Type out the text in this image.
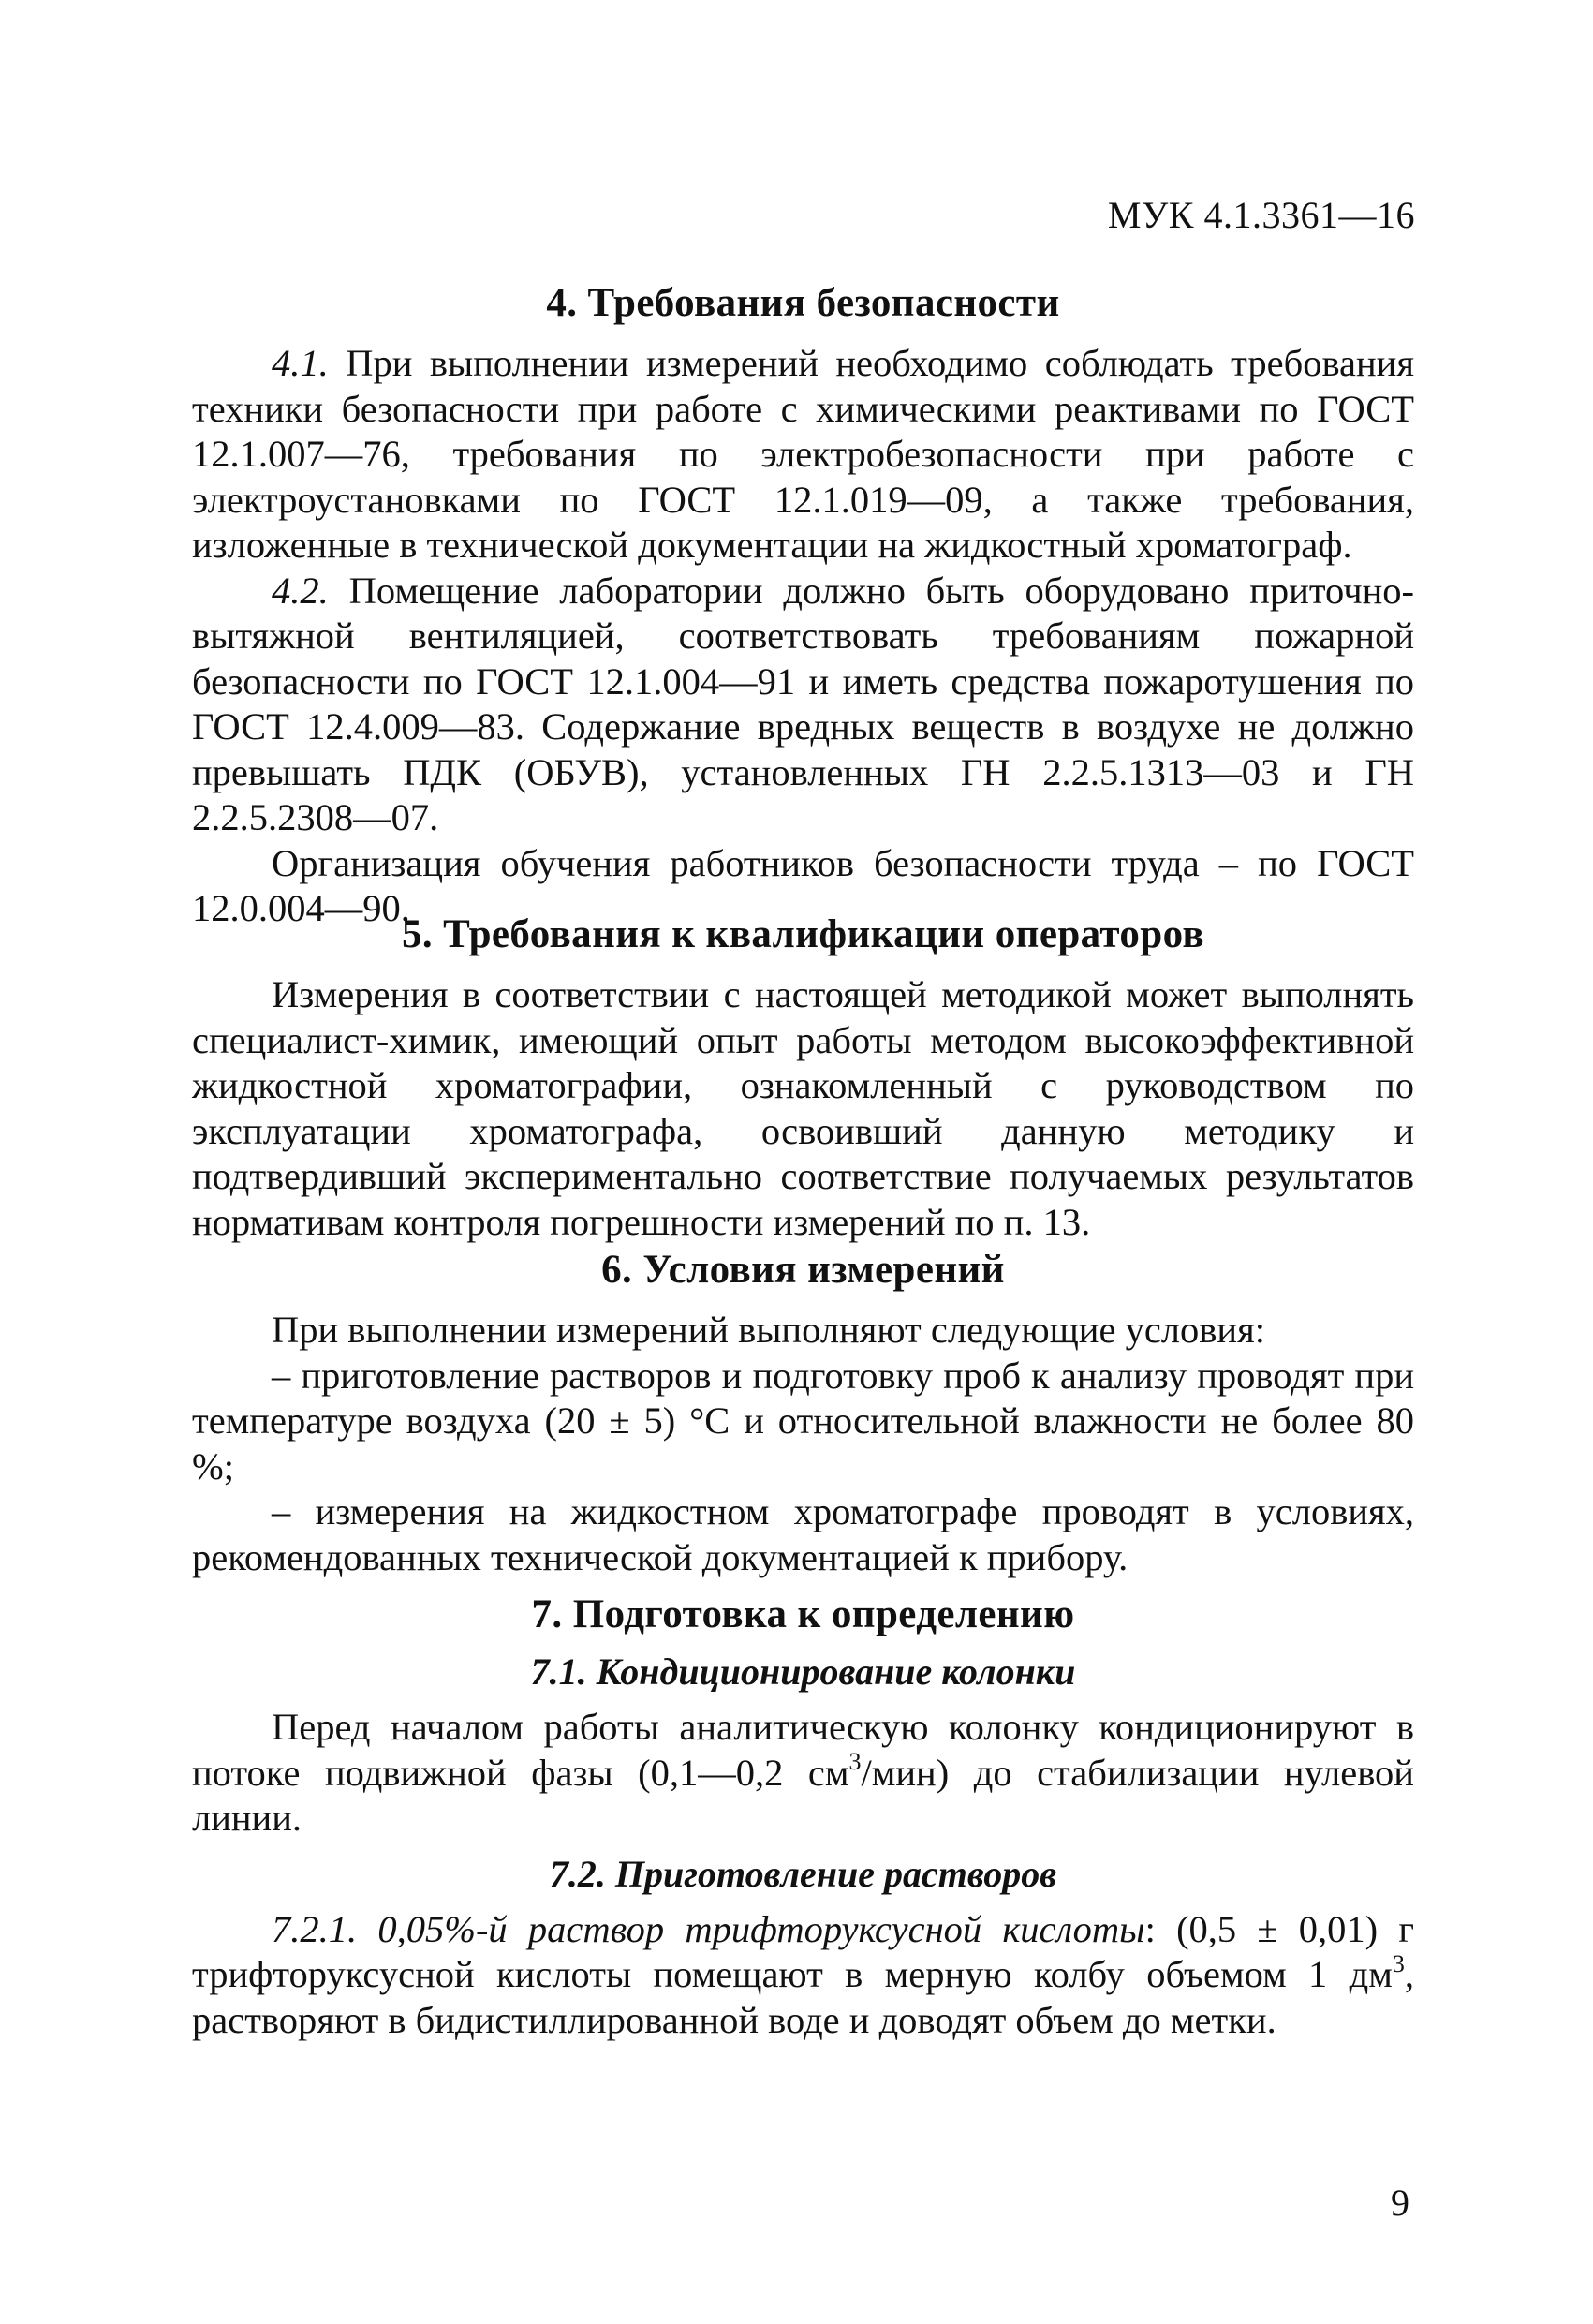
МУК 4.1.3361—16
4. Требования безопасности

4.1. При выполнении измерений необходимо соблюдать требования техники безопасности при работе с химическими реактивами по ГОСТ 12.1.007—76, требования по электробезопасности при работе с электроустановками по ГОСТ 12.1.019—09, а также требования, изложенные в технической документации на жидкостный хроматограф.

4.2. Помещение лаборатории должно быть оборудовано приточно-вытяжной вентиляцией, соответствовать требованиям пожарной безопасности по ГОСТ 12.1.004—91 и иметь средства пожаротушения по ГОСТ 12.4.009—83. Содержание вредных веществ в воздухе не должно превышать ПДК (ОБУВ), установленных ГН 2.2.5.1313—03 и ГН 2.2.5.2308—07.

Организация обучения работников безопасности труда – по ГОСТ 12.0.004—90.

5. Требования к квалификации операторов

Измерения в соответствии с настоящей методикой может выполнять специалист-химик, имеющий опыт работы методом высокоэффективной жидкостной хроматографии, ознакомленный с руководством по эксплуатации хроматографа, освоивший данную методику и подтвердивший экспериментально соответствие получаемых результатов нормативам контроля погрешности измерений по п. 13.

6. Условия измерений

При выполнении измерений выполняют следующие условия:

– приготовление растворов и подготовку проб к анализу проводят при температуре воздуха (20 ± 5) °С и относительной влажности не более 80 %;

– измерения на жидкостном хроматографе проводят в условиях, рекомендованных технической документацией к прибору.

7. Подготовка к определению
7.1. Кондиционирование колонки

Перед началом работы аналитическую колонку кондиционируют в потоке подвижной фазы (0,1—0,2 $см^3/мин$) до стабилизации нулевой линии.

7.2. Приготовление растворов

7.2.1. 0,05%-й раствор трифторуксусной кислоты: (0,5 ± 0,01) г трифторуксусной кислоты помещают в мерную колбу объемом 1 $дм^3$, растворяют в бидистиллированной воде и доводят объем до метки.

9
